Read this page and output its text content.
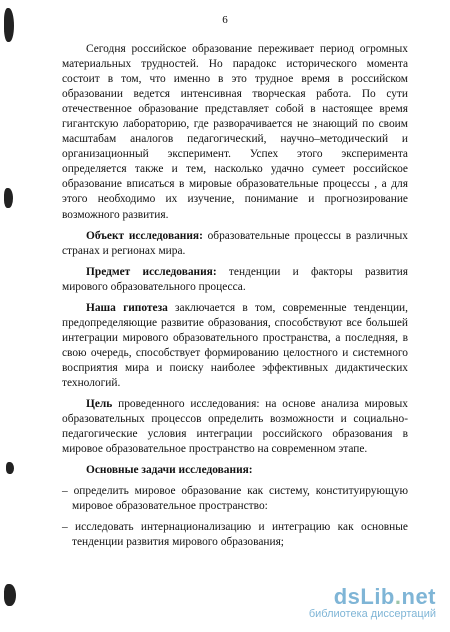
6

Сегодня российское образование переживает период огромных материальных трудностей. Но парадокс исторического момента состоит в том, что именно в это трудное время в российском образовании ведется интенсивная творческая работа. По сути отечественное образование представляет собой в настоящее время гигантскую лабораторию, где разворачивается не знающий по своим масштабам аналогов педагогический, научно–методический и организационный эксперимент. Успех этого эксперимента определяется также и тем, насколько удачно сумеет российское образование вписаться в мировые образовательные процессы , а для этого необходимо их изучение, понимание и прогнозирование возможного развития.

Объект исследования: образовательные процессы в различных странах и регионах мира.

Предмет исследования: тенденции и факторы развития мирового образовательного процесса.

Наша гипотеза заключается в том, современные тенденции, предопределяющие развитие образования, способствуют все большей интеграции мирового образовательного пространства, а последняя, в свою очередь, способствует формированию целостного и системного восприятия мира и поиску наиболее эффективных дидактических технологий.

Цель проведенного исследования: на основе анализа мировых образовательных процессов определить возможности и социально-педагогические условия интеграции российского образования в мировое образовательное пространство на современном этапе.

Основные задачи исследования:

– определить мировое образование как систему, конституирующую мировое образовательное пространство:

– исследовать интернационализацию и интеграцию как основные тенденции развития мирового образования;

dsLib.net
библиотека диссертаций
